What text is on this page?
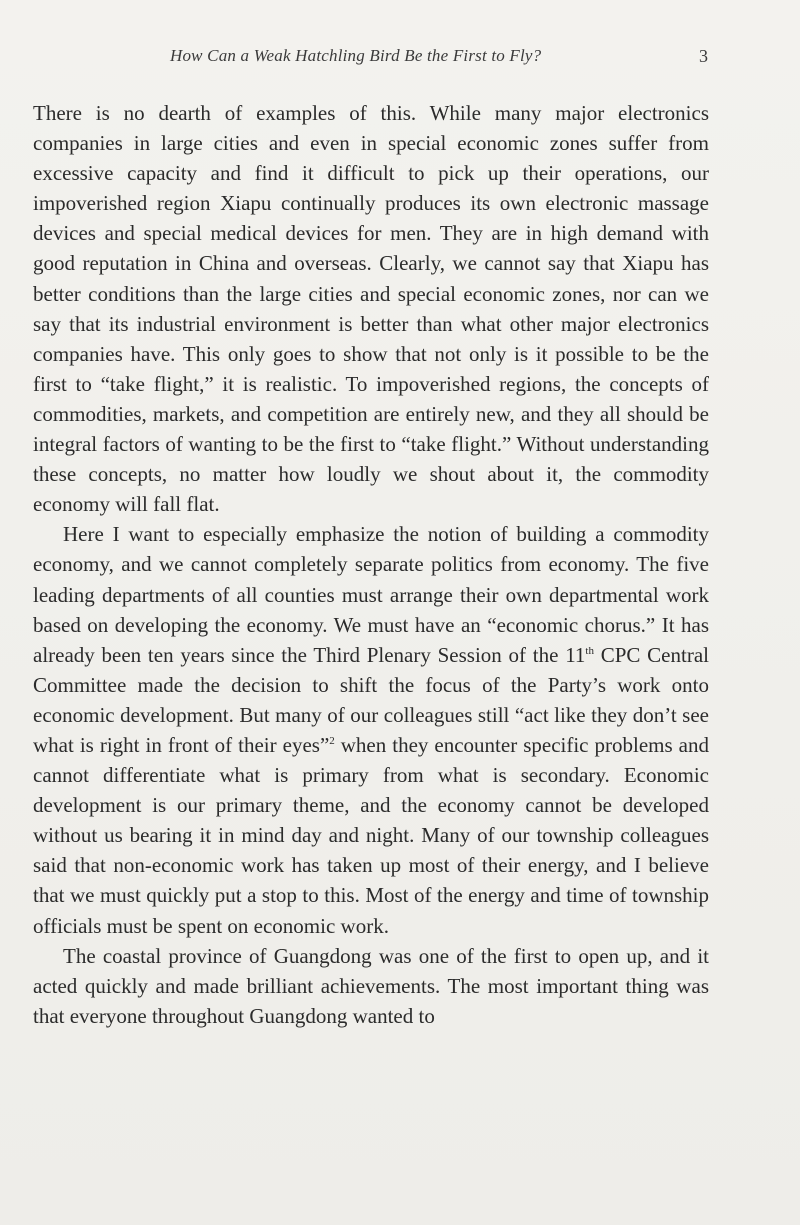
How Can a Weak Hatchling Bird Be the First to Fly?	3

There is no dearth of examples of this. While many major electronics companies in large cities and even in special economic zones suffer from excessive capacity and find it difficult to pick up their operations, our impoverished region Xiapu continually produces its own electronic massage devices and special medical devices for men. They are in high demand with good reputation in China and overseas. Clearly, we cannot say that Xiapu has better conditions than the large cities and special economic zones, nor can we say that its industrial environment is better than what other major electronics companies have. This only goes to show that not only is it possible to be the first to “take flight,” it is realistic. To impoverished regions, the concepts of commodities, markets, and competition are entirely new, and they all should be integral factors of wanting to be the first to “take flight.” Without understanding these concepts, no matter how loudly we shout about it, the commodity economy will fall flat.

Here I want to especially emphasize the notion of building a commodity economy, and we cannot completely separate politics from economy. The five leading departments of all counties must arrange their own departmental work based on developing the economy. We must have an “economic chorus.” It has already been ten years since the Third Plenary Session of the 11th CPC Central Committee made the decision to shift the focus of the Party’s work onto economic development. But many of our colleagues still “act like they don’t see what is right in front of their eyes”$^2$ when they encounter specific problems and cannot differentiate what is primary from what is secondary. Economic development is our primary theme, and the economy cannot be developed without us bearing it in mind day and night. Many of our township colleagues said that non-economic work has taken up most of their energy, and I believe that we must quickly put a stop to this. Most of the energy and time of township officials must be spent on economic work.

The coastal province of Guangdong was one of the first to open up, and it acted quickly and made brilliant achievements. The most important thing was that everyone throughout Guangdong wanted to
